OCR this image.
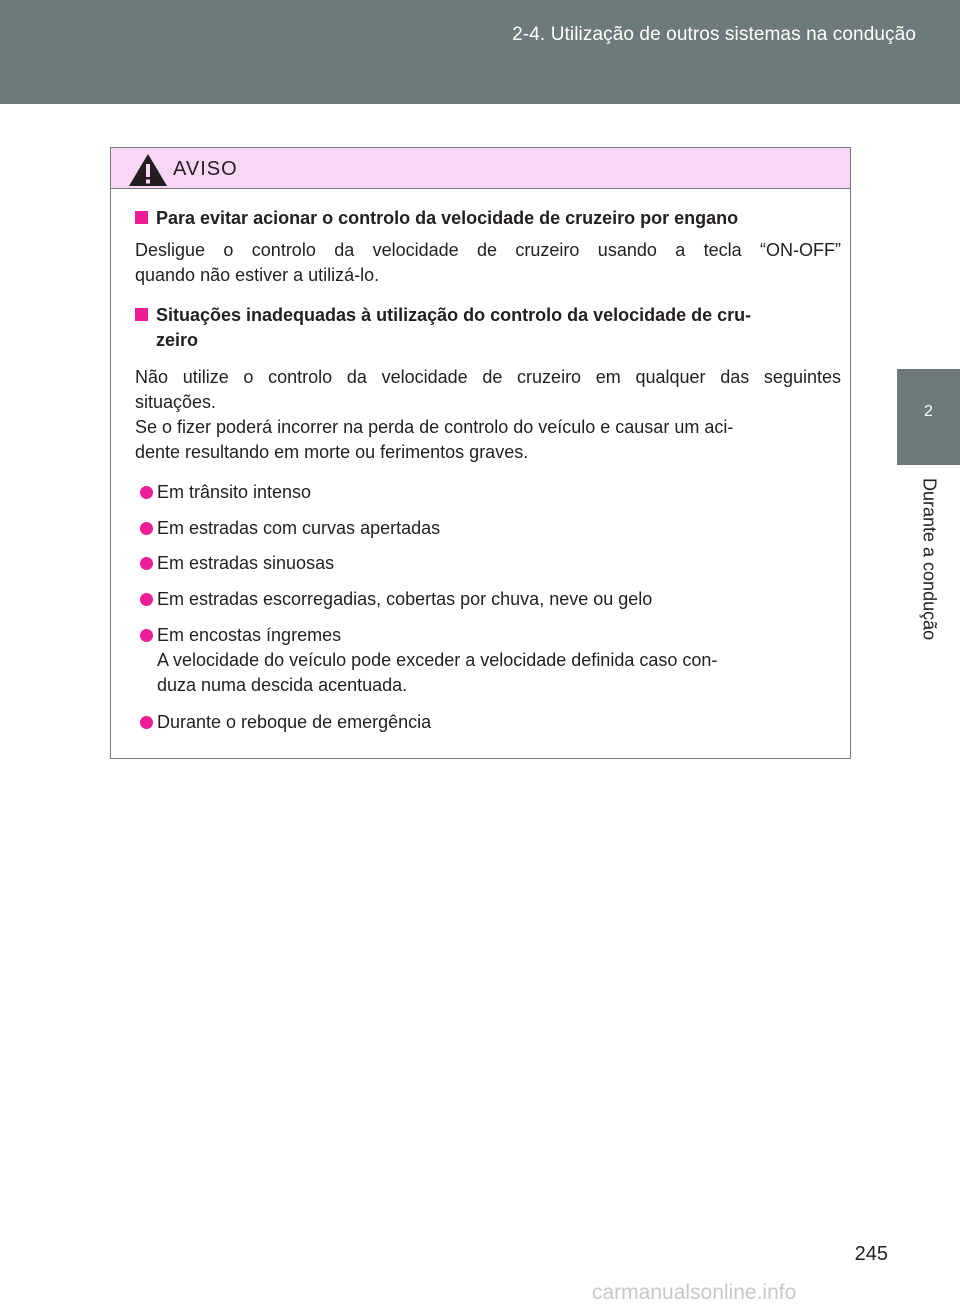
2-4. Utilização de outros sistemas na condução
2
Durante a condução
AVISO
Para evitar acionar o controlo da velocidade de cruzeiro por engano
Desligue o controlo da velocidade de cruzeiro usando a tecla “ON-OFF”
quando não estiver a utilizá-lo.
Situações inadequadas à utilização do controlo da velocidade de cru-
zeiro
Não utilize o controlo da velocidade de cruzeiro em qualquer das seguintes
situações.
Se o fizer poderá incorrer na perda de controlo do veículo e causar um aci-
dente resultando em morte ou ferimentos graves.
Em trânsito intenso
Em estradas com curvas apertadas
Em estradas sinuosas
Em estradas escorregadias, cobertas por chuva, neve ou gelo
Em encostas íngremes
A velocidade do veículo pode exceder a velocidade definida caso con-
duza numa descida acentuada.
Durante o reboque de emergência
245
carmanualsonline.info
